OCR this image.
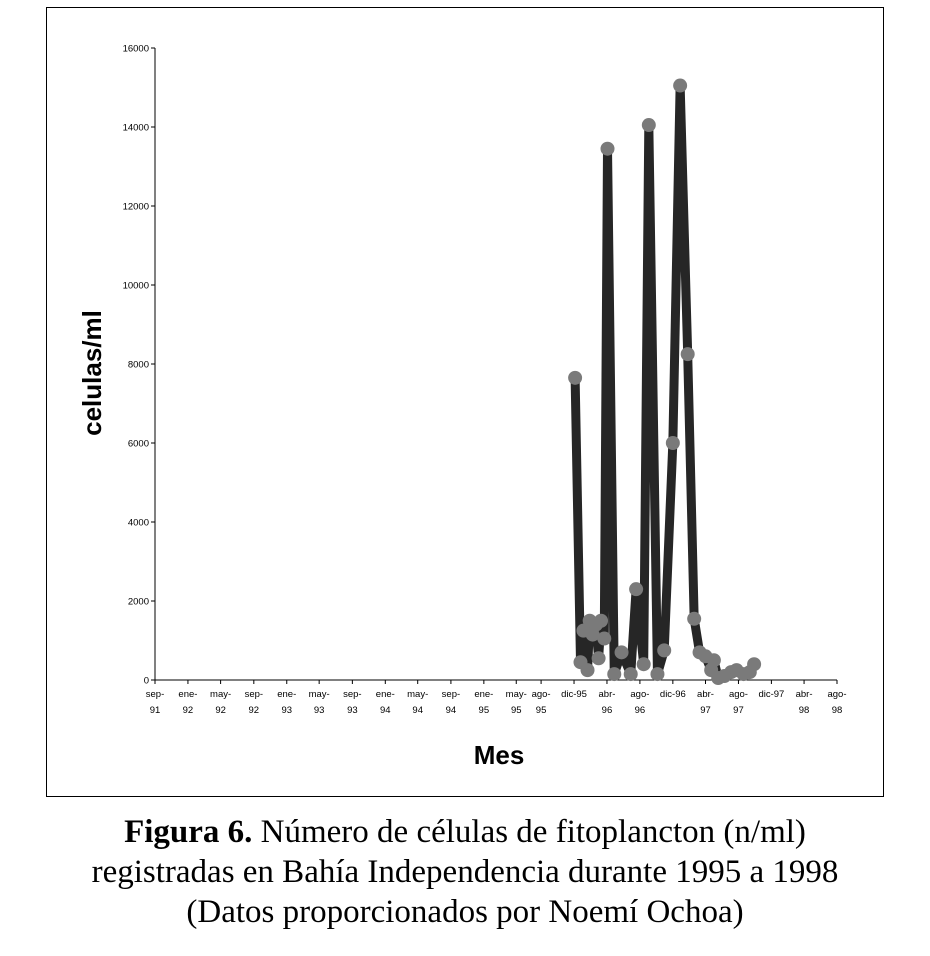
0
2000
4000
6000
8000
10000
12000
14000
16000
sep-91
ene-92
may-92
sep-92
ene-93
may-93
sep-93
ene-94
may-94
sep-94
ene-95
may-95
ago-95
dic-95 abr-96
ago-96
dic-96 abr-97
ago-97
dic-97 abr-98
ago-98
celulas/ml
Mes
Figura 6. Número de células de fitoplancton (n/ml)
registradas en Bahía Independencia durante 1995 a 1998
(Datos proporcionados por Noemí Ochoa)
